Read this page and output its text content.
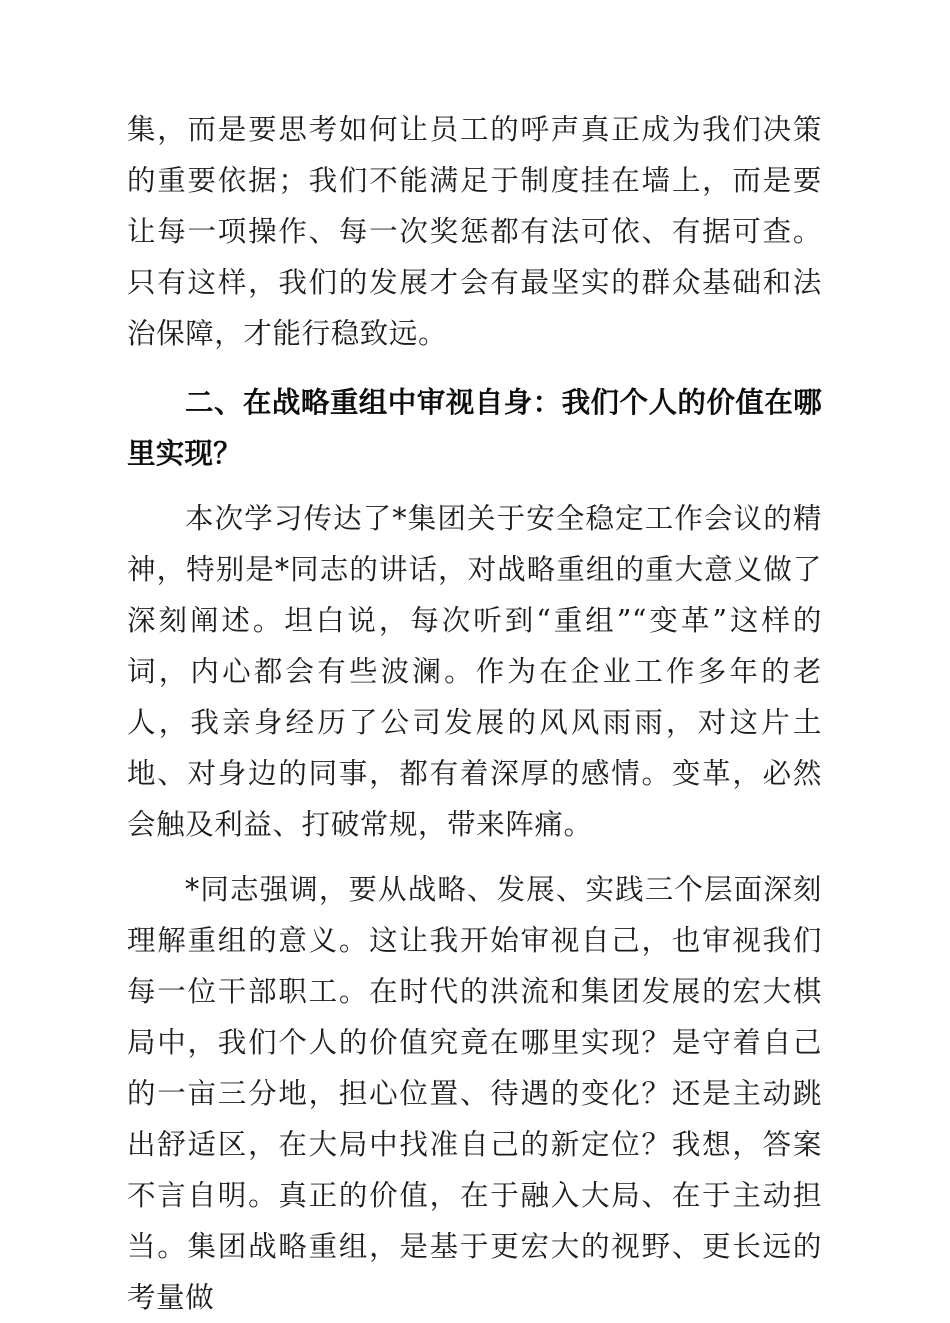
集，而是要思考如何让员工的呼声真正成为我们决策的重要依据；我们不能满足于制度挂在墙上，而是要让每一项操作、每一次奖惩都有法可依、有据可查。只有这样，我们的发展才会有最坚实的群众基础和法治保障，才能行稳致远。

二、在战略重组中审视自身：我们个人的价值在哪里实现？

本次学习传达了*集团关于安全稳定工作会议的精神，特别是*同志的讲话，对战略重组的重大意义做了深刻阐述。坦白说，每次听到“重组”“变革”这样的词，内心都会有些波澜。作为在企业工作多年的老人，我亲身经历了公司发展的风风雨雨，对这片土地、对身边的同事，都有着深厚的感情。变革，必然会触及利益、打破常规，带来阵痛。

*同志强调，要从战略、发展、实践三个层面深刻理解重组的意义。这让我开始审视自己，也审视我们每一位干部职工。在时代的洪流和集团发展的宏大棋局中，我们个人的价值究竟在哪里实现？是守着自己的一亩三分地，担心位置、待遇的变化？还是主动跳出舒适区，在大局中找准自己的新定位？我想，答案不言自明。真正的价值，在于融入大局、在于主动担当。集团战略重组，是基于更宏大的视野、更长远的考量做
